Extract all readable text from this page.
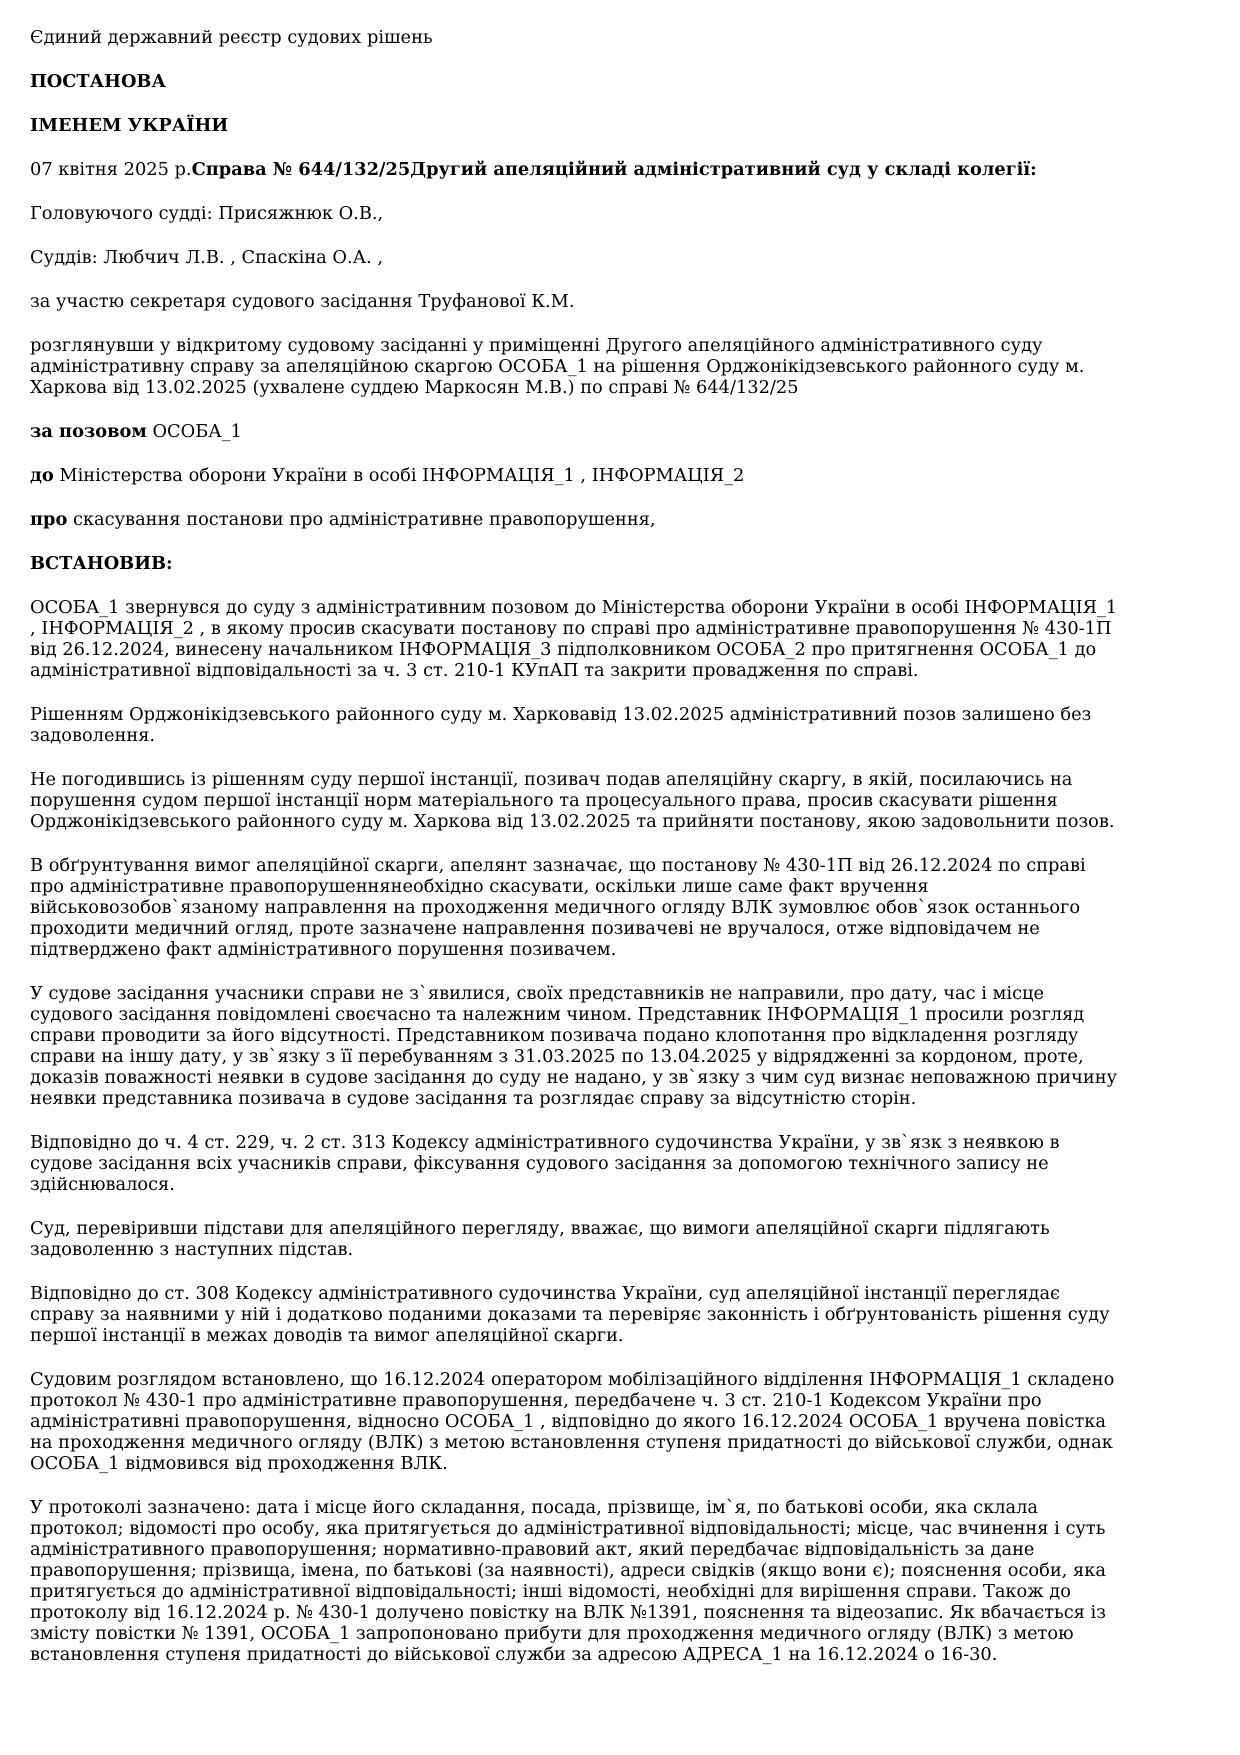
Єдиний державний реєстр судових рішень
ПОСТАНОВА
ІМЕНЕМ УКРАЇНИ
07 квітня 2025 р.Справа № 644/132/25Другий апеляційний адміністративний суд у складі колегії:
Головуючого судді: Присяжнюк О.В.,
Суддів: Любчич Л.В. , Спаскіна О.А. ,
за участю секретаря судового засідання Труфанової К.М.
розглянувши у відкритому судовому засіданні у приміщенні Другого апеляційного адміністративного суду
адміністративну справу за апеляційною скаргою ОСОБА_1 на рішення Орджонікідзевського районного суду м.
Харкова від 13.02.2025 (ухвалене суддею Маркосян М.В.) по справі № 644/132/25
за позовом ОСОБА_1
до Міністерства оборони України в особі ІНФОРМАЦІЯ_1 , ІНФОРМАЦІЯ_2
про скасування постанови про адміністративне правопорушення,
ВСТАНОВИВ:
ОСОБА_1 звернувся до суду з адміністративним позовом до Міністерства оборони України в особі ІНФОРМАЦІЯ_1
, ІНФОРМАЦІЯ_2 , в якому просив скасувати постанову по справі про адміністративне правопорушення № 430-1П
від 26.12.2024, винесену начальником ІНФОРМАЦІЯ_3 підполковником ОСОБА_2 про притягнення ОСОБА_1 до
адміністративної відповідальності за ч. 3 ст. 210-1 КУпАП та закрити провадження по справі.
Рішенням Орджонікідзевського районного суду м. Харковавід 13.02.2025 адміністративний позов залишено без
задоволення.
Не погодившись із рішенням суду першої інстанції, позивач подав апеляційну скаргу, в якій, посилаючись на
порушення судом першої інстанції норм матеріального та процесуального права, просив скасувати рішення
Орджонікідзевського районного суду м. Харкова від 13.02.2025 та прийняти постанову, якою задовольнити позов.
В обґрунтування вимог апеляційної скарги, апелянт зазначає, що постанову № 430-1П від 26.12.2024 по справі
про адміністративне правопорушеннянеобхідно скасувати, оскільки лише саме факт вручення
військовозобов`язаному направлення на проходження медичного огляду ВЛК зумовлює обов`язок останнього
проходити медичний огляд, проте зазначене направлення позивачеві не вручалося, отже відповідачем не
підтверджено факт адміністративного порушення позивачем.
У судове засідання учасники справи не з`явилися, своїх представників не направили, про дату, час і місце
судового засідання повідомлені своєчасно та належним чином. Представник ІНФОРМАЦІЯ_1 просили розгляд
справи проводити за його відсутності. Представником позивача подано клопотання про відкладення розгляду
справи на іншу дату, у зв`язку з її перебуванням з 31.03.2025 по 13.04.2025 у відрядженні за кордоном, проте,
доказів поважності неявки в судове засідання до суду не надано, у зв`язку з чим суд визнає неповажною причину
неявки представника позивача в судове засідання та розглядає справу за відсутністю сторін.
Відповідно до ч. 4 ст. 229, ч. 2 ст. 313 Кодексу адміністративного судочинства України, у зв`язк з неявкою в
судове засідання всіх учасників справи, фіксування судового засідання за допомогою технічного запису не
здійснювалося.
Суд, перевіривши підстави для апеляційного перегляду, вважає, що вимоги апеляційної скарги підлягають
задоволенню з наступних підстав.
Відповідно до ст. 308 Кодексу адміністративного судочинства України, суд апеляційної інстанції переглядає
справу за наявними у ній і додатково поданими доказами та перевіряє законність і обґрунтованість рішення суду
першої інстанції в межах доводів та вимог апеляційної скарги.
Судовим розглядом встановлено, що 16.12.2024 оператором мобілізаційного відділення ІНФОРМАЦІЯ_1 складено
протокол № 430-1 про адміністративне правопорушення, передбачене ч. 3 ст. 210-1 Кодексом України про
адміністративні правопорушення, відносно ОСОБА_1 , відповідно до якого 16.12.2024 ОСОБА_1 вручена повістка
на проходження медичного огляду (ВЛК) з метою встановлення ступеня придатності до військової служби, однак
ОСОБА_1 відмовився від проходження ВЛК.
У протоколі зазначено: дата і місце його складання, посада, прізвище, ім`я, по батькові особи, яка склала
протокол; відомості про особу, яка притягується до адміністративної відповідальності; місце, час вчинення і суть
адміністративного правопорушення; нормативно-правовий акт, який передбачає відповідальність за дане
правопорушення; прізвища, імена, по батькові (за наявності), адреси свідків (якщо вони є); пояснення особи, яка
притягується до адміністративної відповідальності; інші відомості, необхідні для вирішення справи. Також до
протоколу від 16.12.2024 р. № 430-1 долучено повістку на ВЛК №1391, пояснення та відеозапис. Як вбачається із
змісту повістки № 1391, ОСОБА_1 запропоновано прибути для проходження медичного огляду (ВЛК) з метою
встановлення ступеня придатності до військової служби за адресою АДРЕСА_1 на 16.12.2024 о 16-30.
